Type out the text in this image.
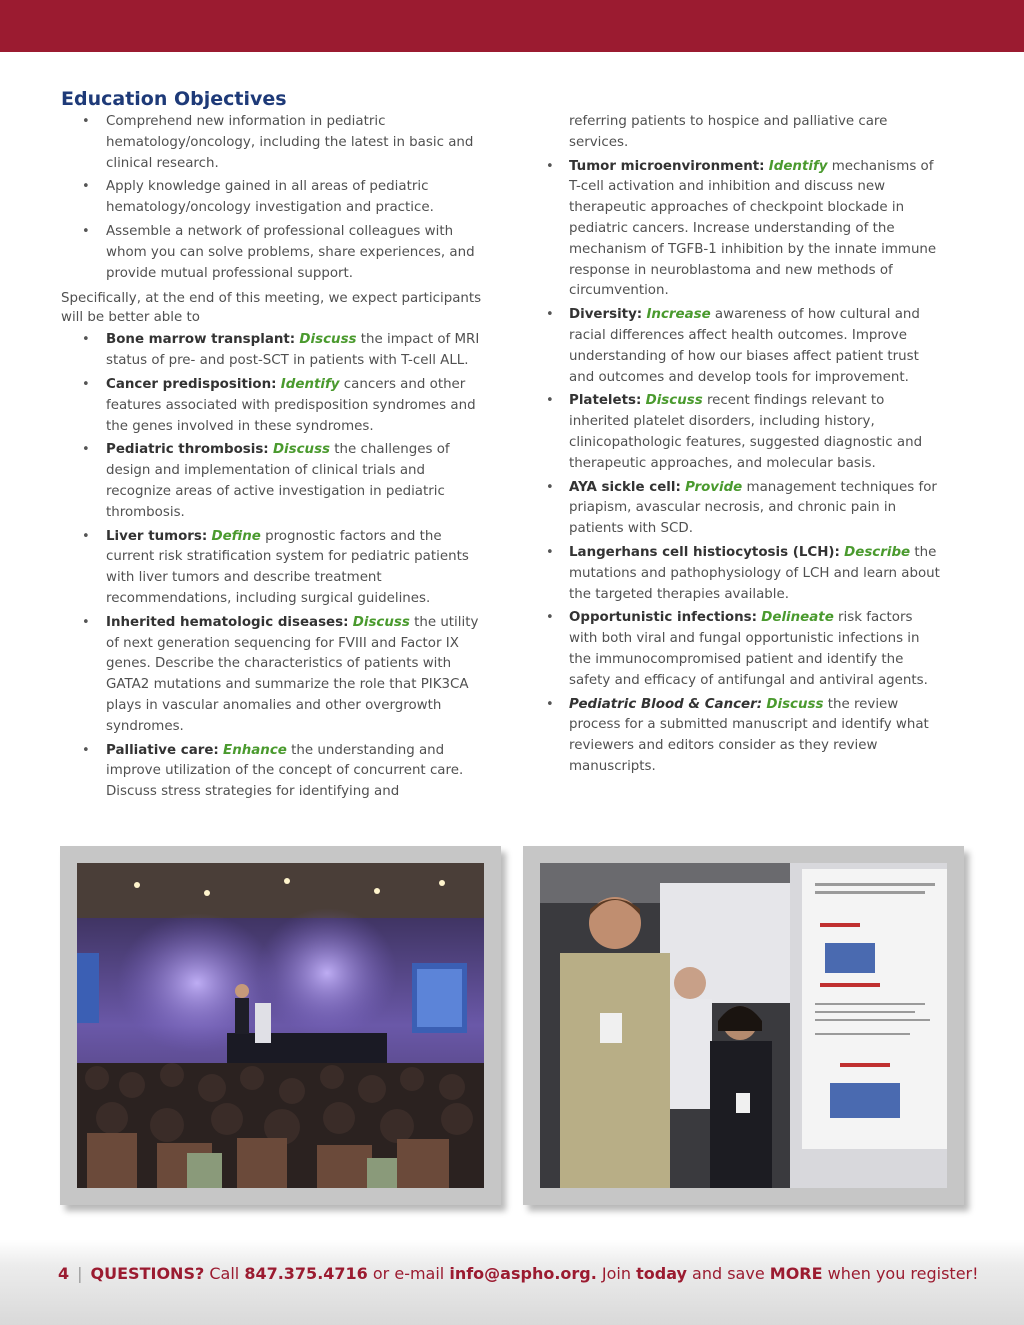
Education Objectives
• Comprehend new information in pediatric hematology/oncology, including the latest in basic and clinical research.
• Apply knowledge gained in all areas of pediatric hematology/oncology investigation and practice.
• Assemble a network of professional colleagues with whom you can solve problems, share experiences, and provide mutual professional support.

Specifically, at the end of this meeting, we expect participants will be better able to

• Bone marrow transplant: Discuss the impact of MRI status of pre- and post-SCT in patients with T-cell ALL.
• Cancer predisposition: Identify cancers and other features associated with predisposition syndromes and the genes involved in these syndromes.
• Pediatric thrombosis: Discuss the challenges of design and implementation of clinical trials and recognize areas of active investigation in pediatric thrombosis.
• Liver tumors: Define prognostic factors and the current risk stratification system for pediatric patients with liver tumors and describe treatment recommendations, including surgical guidelines.
• Inherited hematologic diseases: Discuss the utility of next generation sequencing for FVIII and Factor IX genes. Describe the characteristics of patients with GATA2 mutations and summarize the role that PIK3CA plays in vascular anomalies and other overgrowth syndromes.
• Palliative care: Enhance the understanding and improve utilization of the concept of concurrent care. Discuss stress strategies for identifying and
referring patients to hospice and palliative care services.
• Tumor microenvironment: Identify mechanisms of T-cell activation and inhibition and discuss new therapeutic approaches of checkpoint blockade in pediatric cancers. Increase understanding of the mechanism of TGFB-1 inhibition by the innate immune response in neuroblastoma and new methods of circumvention.
• Diversity: Increase awareness of how cultural and racial differences affect health outcomes. Improve understanding of how our biases affect patient trust and outcomes and develop tools for improvement.
• Platelets: Discuss recent findings relevant to inherited platelet disorders, including history, clinicopathologic features, suggested diagnostic and therapeutic approaches, and molecular basis.
• AYA sickle cell: Provide management techniques for priapism, avascular necrosis, and chronic pain in patients with SCD.
• Langerhans cell histiocytosis (LCH): Describe the mutations and pathophysiology of LCH and learn about the targeted therapies available.
• Opportunistic infections: Delineate risk factors with both viral and fungal opportunistic infections in the immunocompromised patient and identify the safety and efficacy of antifungal and antiviral agents.
• Pediatric Blood & Cancer: Discuss the review process for a submitted manuscript and identify what reviewers and editors consider as they review manuscripts.
4 | QUESTIONS? Call 847.375.4716 or e-mail info@aspho.org. Join today and save MORE when you register!
